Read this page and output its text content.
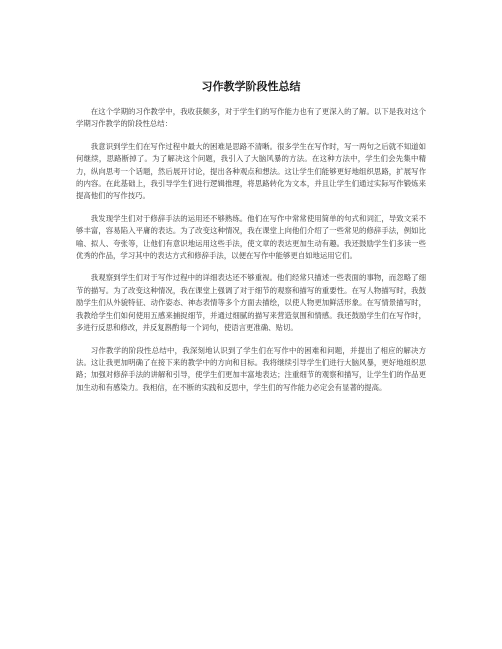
习作教学阶段性总结

在这个学期的习作教学中，我收获颇多，对于学生们的写作能力也有了更深入的了解。以下是我对这个学期习作教学的阶段性总结：

我意识到学生们在写作过程中最大的困难是思路不清晰。很多学生在写作时，写一两句之后就不知道如何继续，思路断掉了。为了解决这个问题，我引入了大脑风暴的方法。在这种方法中，学生们会先集中精力，纵向思考一个话题，然后展开讨论，提出各种观点和想法。这让学生们能够更好地组织思路，扩展写作的内容。在此基础上，我引导学生们进行逻辑推理，将思路转化为文本，并且让学生们通过实际写作锻炼来提高他们的写作技巧。

我发现学生们对于修辞手法的运用还不够熟练。他们在写作中常常使用简单的句式和词汇，导致文采不够丰富，容易陷入平庸的表达。为了改变这种情况，我在课堂上向他们介绍了一些常见的修辞手法，例如比喻、拟人、夸张等，让他们有意识地运用这些手法，使文章的表达更加生动有趣。我还鼓励学生们多读一些优秀的作品，学习其中的表达方式和修辞手法，以便在写作中能够更自如地运用它们。

我观察到学生们对于写作过程中的详细表达还不够重视。他们经常只描述一些表面的事物，而忽略了细节的描写。为了改变这种情况，我在课堂上强调了对于细节的观察和描写的重要性。在写人物描写时，我鼓励学生们从外貌特征、动作姿态、神态表情等多个方面去描绘，以使人物更加鲜活形象。在写情景描写时，我教给学生们如何使用五感来捕捉细节，并通过细腻的描写来营造氛围和情感。我还鼓励学生们在写作时，多进行反思和修改，并反复斟酌每一个词句，使语言更准确、贴切。

习作教学的阶段性总结中，我深刻地认识到了学生们在写作中的困难和问题，并提出了相应的解决方法。这让我更加明确了在接下来的教学中的方向和目标。我将继续引导学生们进行大脑风暴，更好地组织思路；加强对修辞手法的讲解和引导，使学生们更加丰富地表达；注重细节的观察和描写，让学生们的作品更加生动和有感染力。我相信，在不断的实践和反思中，学生们的写作能力必定会有显著的提高。
